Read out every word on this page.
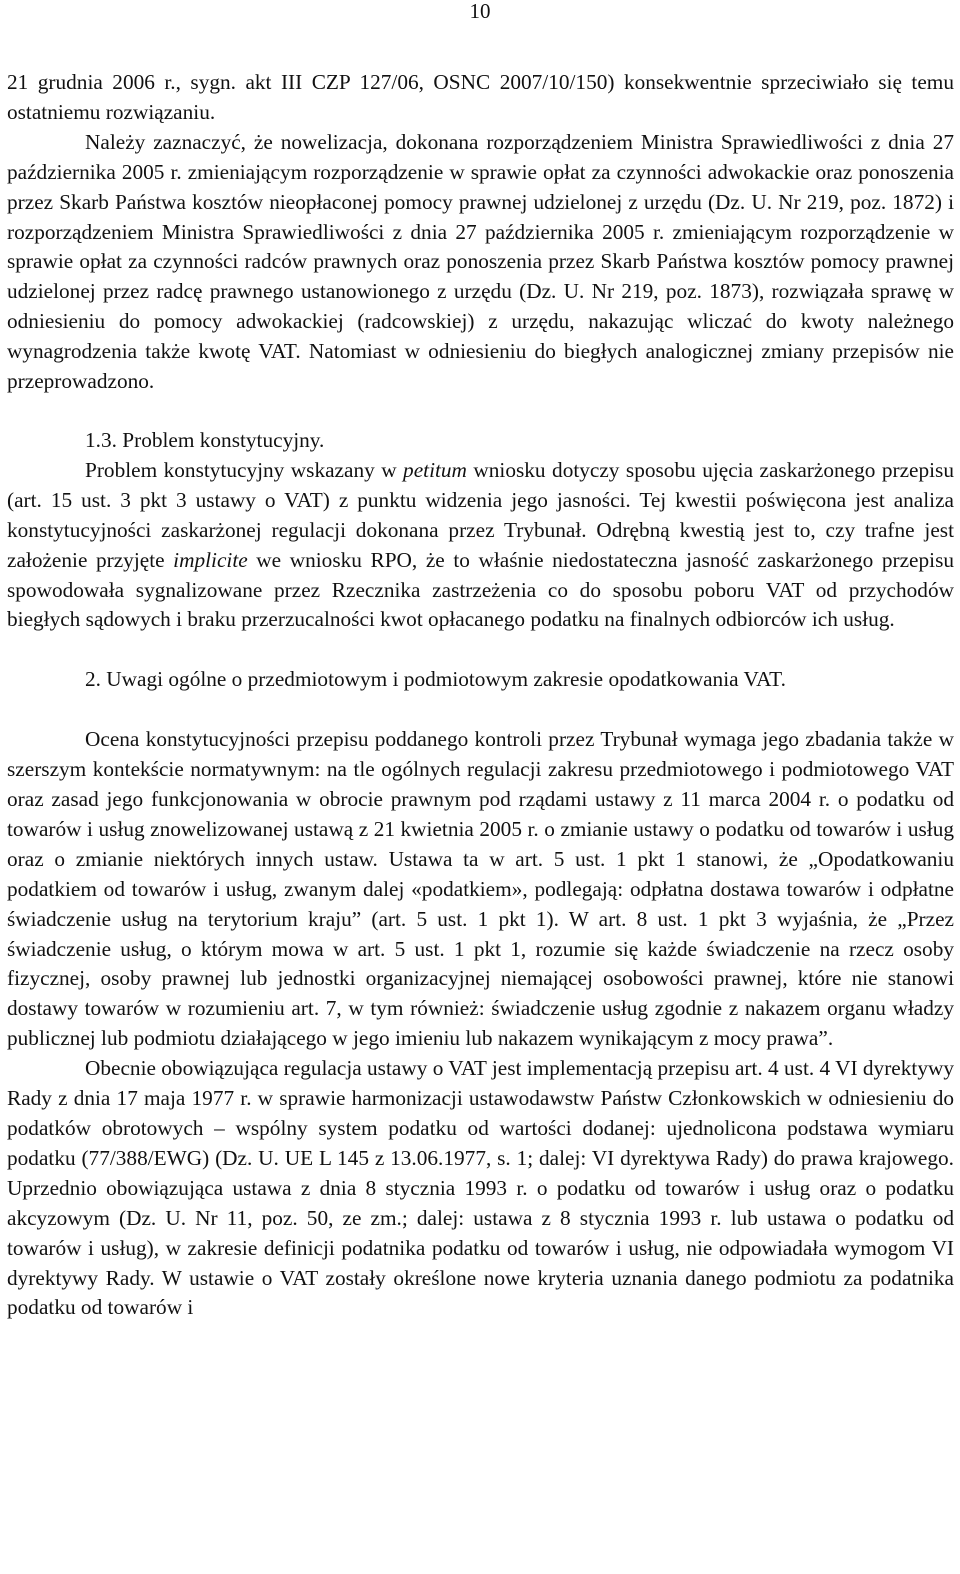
10

21 grudnia 2006 r., sygn. akt III CZP 127/06, OSNC 2007/10/150) konsekwentnie sprzeciwiało się temu ostatniemu rozwiązaniu.

Należy zaznaczyć, że nowelizacja, dokonana rozporządzeniem Ministra Sprawiedliwości z dnia 27 października 2005 r. zmieniającym rozporządzenie w sprawie opłat za czynności adwokackie oraz ponoszenia przez Skarb Państwa kosztów nieopłaconej pomocy prawnej udzielonej z urzędu (Dz. U. Nr 219, poz. 1872) i rozporządzeniem Ministra Sprawiedliwości z dnia 27 października 2005 r. zmieniającym rozporządzenie w sprawie opłat za czynności radców prawnych oraz ponoszenia przez Skarb Państwa kosztów pomocy prawnej udzielonej przez radcę prawnego ustanowionego z urzędu (Dz. U. Nr 219, poz. 1873), rozwiązała sprawę w odniesieniu do pomocy adwokackiej (radcowskiej) z urzędu, nakazując wliczać do kwoty należnego wynagrodzenia także kwotę VAT. Natomiast w odniesieniu do biegłych analogicznej zmiany przepisów nie przeprowadzono.

1.3. Problem konstytucyjny.

Problem konstytucyjny wskazany w petitum wniosku dotyczy sposobu ujęcia zaskarżonego przepisu (art. 15 ust. 3 pkt 3 ustawy o VAT) z punktu widzenia jego jasności. Tej kwestii poświęcona jest analiza konstytucyjności zaskarżonej regulacji dokonana przez Trybunał. Odrębną kwestią jest to, czy trafne jest założenie przyjęte implicite we wniosku RPO, że to właśnie niedostateczna jasność zaskarżonego przepisu spowodowała sygnalizowane przez Rzecznika zastrzeżenia co do sposobu poboru VAT od przychodów biegłych sądowych i braku przerzucalności kwot opłacanego podatku na finalnych odbiorców ich usług.

2. Uwagi ogólne o przedmiotowym i podmiotowym zakresie opodatkowania VAT.

Ocena konstytucyjności przepisu poddanego kontroli przez Trybunał wymaga jego zbadania także w szerszym kontekście normatywnym: na tle ogólnych regulacji zakresu przedmiotowego i podmiotowego VAT oraz zasad jego funkcjonowania w obrocie prawnym pod rządami ustawy z 11 marca 2004 r. o podatku od towarów i usług znowelizowanej ustawą z 21 kwietnia 2005 r. o zmianie ustawy o podatku od towarów i usług oraz o zmianie niektórych innych ustaw. Ustawa ta w art. 5 ust. 1 pkt 1 stanowi, że „Opodatkowaniu podatkiem od towarów i usług, zwanym dalej «podatkiem», podlegają: odpłatna dostawa towarów i odpłatne świadczenie usług na terytorium kraju” (art. 5 ust. 1 pkt 1). W art. 8 ust. 1 pkt 3 wyjaśnia, że „Przez świadczenie usług, o którym mowa w art. 5 ust. 1 pkt 1, rozumie się każde świadczenie na rzecz osoby fizycznej, osoby prawnej lub jednostki organizacyjnej niemającej osobowości prawnej, które nie stanowi dostawy towarów w rozumieniu art. 7, w tym również: świadczenie usług zgodnie z nakazem organu władzy publicznej lub podmiotu działającego w jego imieniu lub nakazem wynikającym z mocy prawa”.

Obecnie obowiązująca regulacja ustawy o VAT jest implementacją przepisu art. 4 ust. 4 VI dyrektywy Rady z dnia 17 maja 1977 r. w sprawie harmonizacji ustawodawstw Państw Członkowskich w odniesieniu do podatków obrotowych – wspólny system podatku od wartości dodanej: ujednolicona podstawa wymiaru podatku (77/388/EWG) (Dz. U. UE L 145 z 13.06.1977, s. 1; dalej: VI dyrektywa Rady) do prawa krajowego. Uprzednio obowiązująca ustawa z dnia 8 stycznia 1993 r. o podatku od towarów i usług oraz o podatku akcyzowym (Dz. U. Nr 11, poz. 50, ze zm.; dalej: ustawa z 8 stycznia 1993 r. lub ustawa o podatku od towarów i usług), w zakresie definicji podatnika podatku od towarów i usług, nie odpowiadała wymogom VI dyrektywy Rady. W ustawie o VAT zostały określone nowe kryteria uznania danego podmiotu za podatnika podatku od towarów i
